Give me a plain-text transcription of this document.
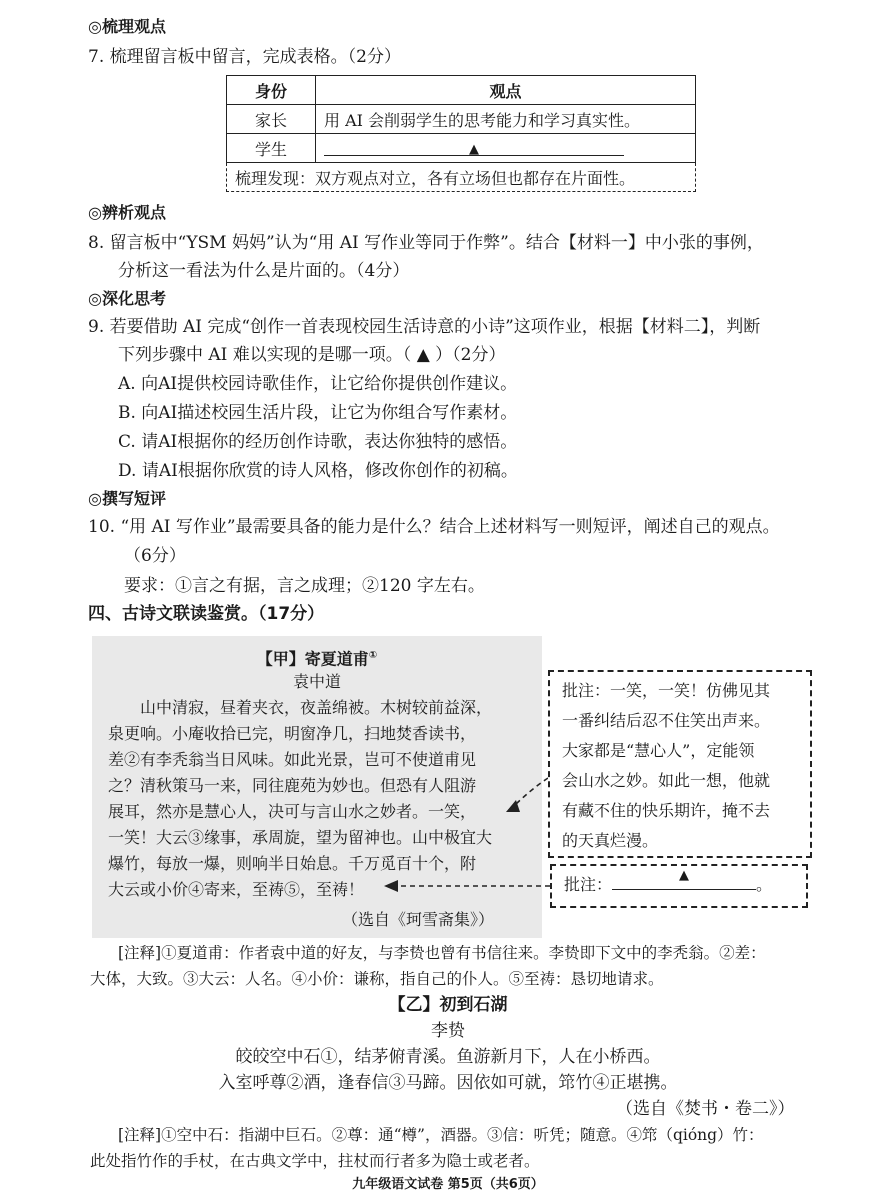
◎梳理观点
7. 梳理留言板中留言，完成表格。（2分）
身份	观点
家长	用 AI 会削弱学生的思考能力和学习真实性。
学生	▲

梳理发现：双方观点对立，各有立场但也都存在片面性。	
◎辨析观点
8. 留言板中“YSM 妈妈”认为“用 AI 写作业等同于作弊”。结合【材料一】中小张的事例，
分析这一看法为什么是片面的。（4分）
◎深化思考
9. 若要借助 AI 完成“创作一首表现校园生活诗意的小诗”这项作业，根据【材料二】，判断
下列步骤中 AI 难以实现的是哪一项。（ ▲ ）（2分）
A. 向AI提供校园诗歌佳作，让它给你提供创作建议。
B. 向AI描述校园生活片段，让它为你组合写作素材。
C. 请AI根据你的经历创作诗歌，表达你独特的感悟。
D. 请AI根据你欣赏的诗人风格，修改你创作的初稿。
◎撰写短评
10. “用 AI 写作业”最需要具备的能力是什么？结合上述材料写一则短评，阐述自己的观点。
（6分）
要求：①言之有据，言之成理；②120 字左右。
四、古诗文联读鉴赏。（17分）
【甲】寄夏道甫①
袁中道
山中清寂，昼着夹衣，夜盖绵被。木树较前益深，
泉更响。小庵收拾已完，明窗净几，扫地焚香读书，
差②有李秃翁当日风味。如此光景，岂可不使道甫见
之？清秋策马一来，同往鹿苑为妙也。但恐有人阻游
展耳，然亦是慧心人，决可与言山水之妙者。一笑，
一笑！大云③缘事，承周旋，望为留神也。山中极宜大
爆竹，每放一爆，则响半日始息。千万觅百十个，附
大云或小价④寄来，至祷⑤，至祷！
（选自《珂雪斋集》）
批注：一笑，一笑！仿佛见其
一番纠结后忍不住笑出声来。
大家都是“慧心人”，定能领
会山水之妙。如此一想，他就
有藏不住的快乐期许，掩不去
的天真烂漫。
批注：	▲	。
[注释]①夏道甫：作者袁中道的好友，与李贽也曾有书信往来。李贽即下文中的李秃翁。②差：
大体，大致。③大云：人名。④小价：谦称，指自己的仆人。⑤至祷：恳切地请求。
【乙】初到石湖
李贽
皎皎空中石①，结茅俯青溪。鱼游新月下，人在小桥西。
入室呼尊②酒，逢春信③马蹄。因依如可就，筇竹④正堪携。
（选自《焚书・卷二》）
[注释]①空中石：指湖中巨石。②尊：通“樽”，酒器。③信：听凭；随意。④筇（qióng）竹：
此处指竹作的手杖，在古典文学中，拄杖而行者多为隐士或老者。
九年级语文试卷 第5页（共6页）
